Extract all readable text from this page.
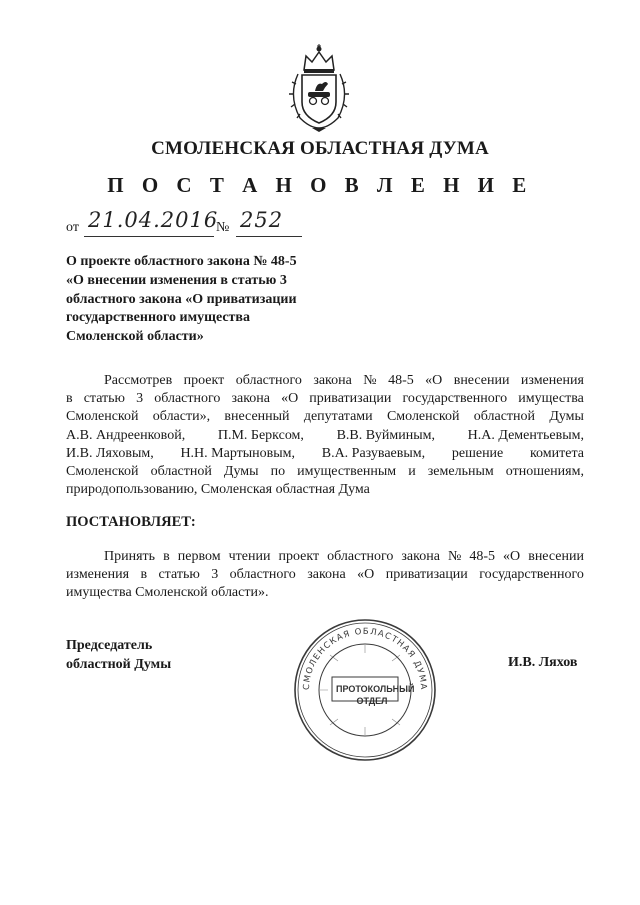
СМОЛЕНСКАЯ ОБЛАСТНАЯ ДУМА
П О С Т А Н О В Л Е Н И Е
от 21.04.2016
№ 252
О проекте областного закона № 48-5
«О внесении изменения в статью 3
областного закона «О приватизации
государственного имущества
Смоленской области»
Рассмотрев проект областного закона № 48-5 «О внесении изменения
в статью 3 областного закона «О приватизации государственного имущества
Смоленской области», внесенный депутатами Смоленской областной Думы
А.В. Андреенковой, П.М. Берксом, В.В. Вуйминым, Н.А. Дементьевым,
И.В. Ляховым, Н.Н. Мартыновым, В.А. Разуваевым, решение комитета
Смоленской областной Думы по имущественным и земельным отношениям,
природопользованию, Смоленская областная Дума
ПОСТАНОВЛЯЕТ:
Принять в первом чтении проект областного закона № 48-5 «О внесении
изменения в статью 3 областного закона «О приватизации государственного
имущества Смоленской области».
Председатель
областной Думы
СМОЛЕНСКАЯ ОБЛАСТНАЯ ДУМА
ПРОТОКОЛЬНЫЙ
ОТДЕЛ
И.В. Ляхов
